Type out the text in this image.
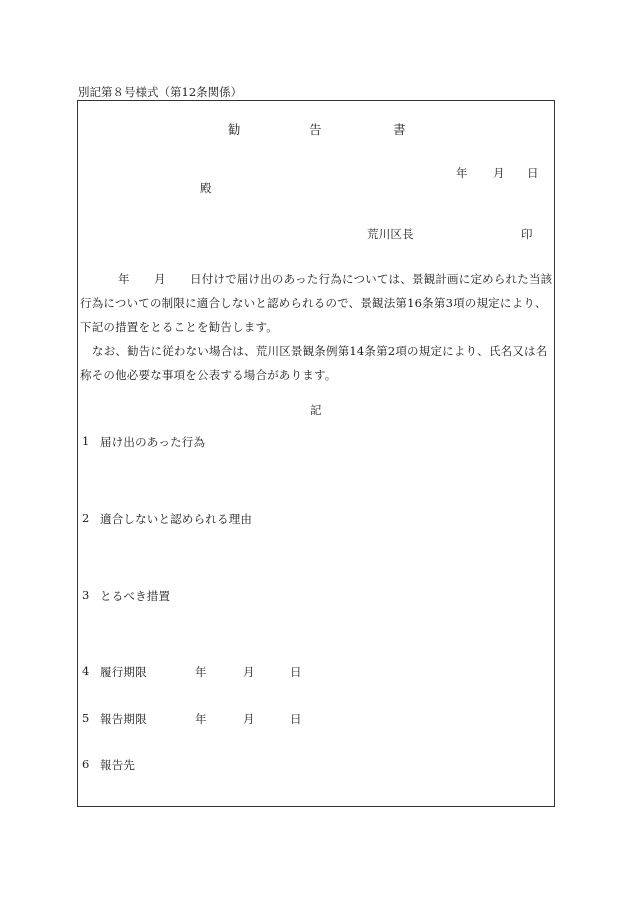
別記第８号様式（第12条関係）
勧	告	書
年 月 日
殿
荒川区長	印
年 月 日付けで届け出のあった行為については、景観計画に定められた当該
行為についての制限に適合しないと認められるので、景観法第16条第3項の規定により、
下記の措置をとることを勧告します。
なお、勧告に従わない場合は、荒川区景観条例第14条第2項の規定により、氏名又は名
称その他必要な事項を公表する場合があります。
記
1 届け出のあった行為
2 適合しないと認められる理由
3 とるべき措置
4 履行期限	年	月	日
5 報告期限	年	月	日
6 報告先
